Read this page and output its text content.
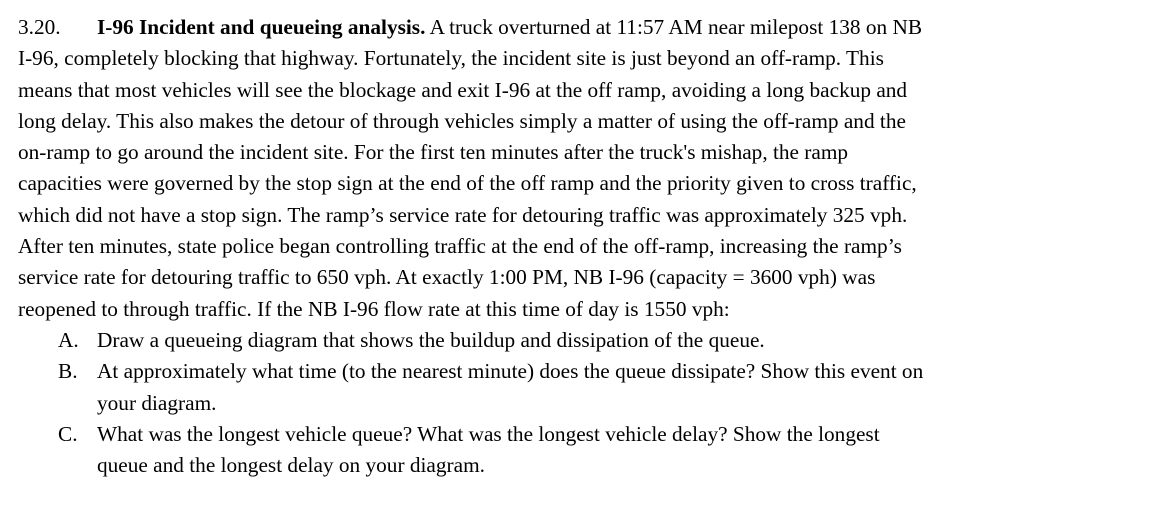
3.20. I-96 Incident and queueing analysis. A truck overturned at 11:57 AM near milepost 138 on NB
I-96, completely blocking that highway. Fortunately, the incident site is just beyond an off-ramp. This
means that most vehicles will see the blockage and exit I-96 at the off ramp, avoiding a long backup and
long delay. This also makes the detour of through vehicles simply a matter of using the off-ramp and the
on-ramp to go around the incident site. For the first ten minutes after the truck's mishap, the ramp
capacities were governed by the stop sign at the end of the off ramp and the priority given to cross traffic,
which did not have a stop sign. The ramp’s service rate for detouring traffic was approximately 325 vph.
After ten minutes, state police began controlling traffic at the end of the off-ramp, increasing the ramp’s
service rate for detouring traffic to 650 vph. At exactly 1:00 PM, NB I-96 (capacity = 3600 vph) was
reopened to through traffic. If the NB I-96 flow rate at this time of day is 1550 vph:
A. Draw a queueing diagram that shows the buildup and dissipation of the queue.
B. At approximately what time (to the nearest minute) does the queue dissipate? Show this event on
your diagram.
C. What was the longest vehicle queue? What was the longest vehicle delay? Show the longest
queue and the longest delay on your diagram.
